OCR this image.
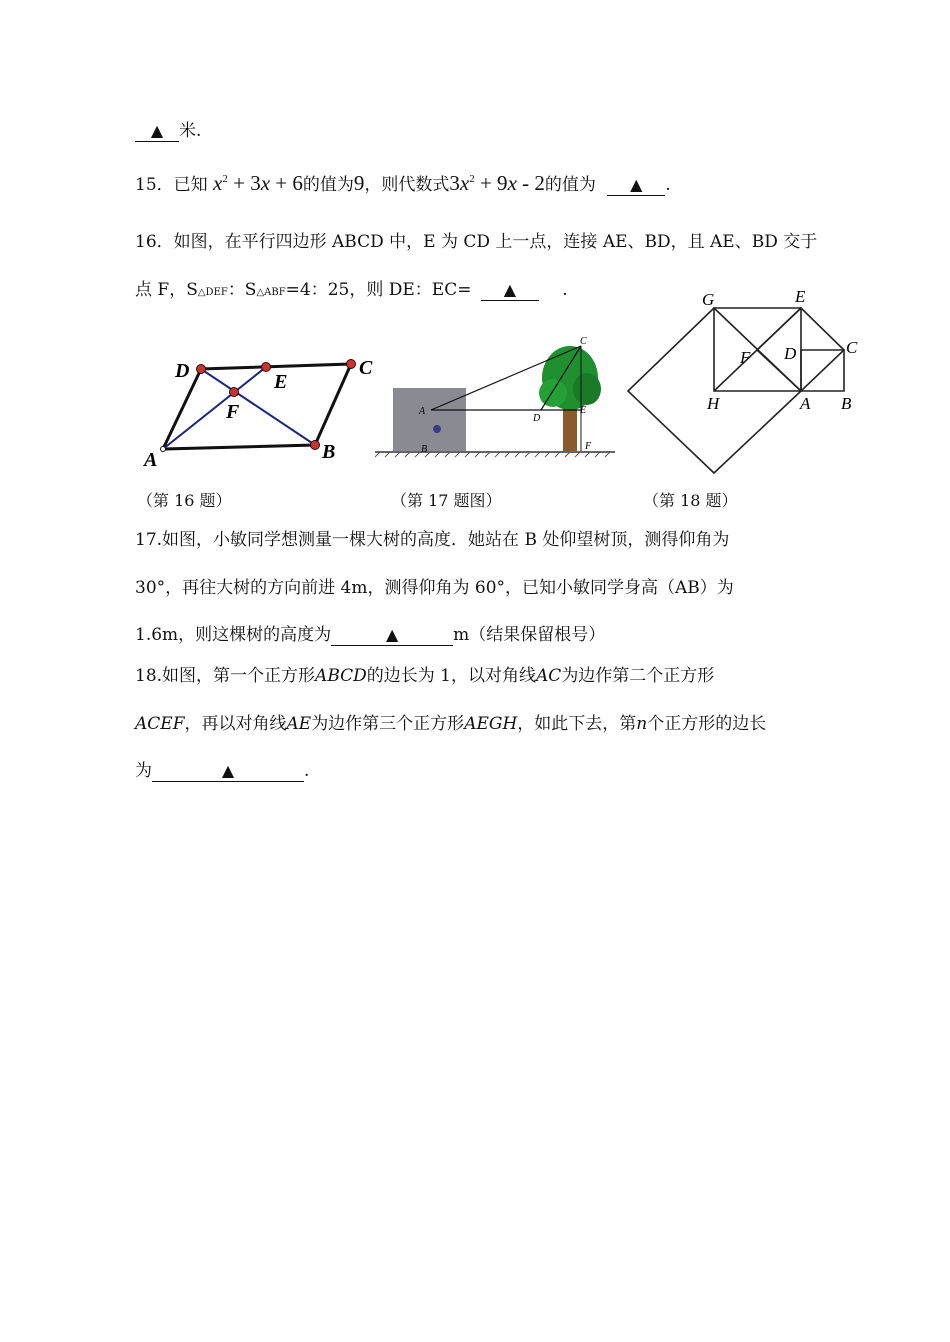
▲ 米.
15．已知 $x^2 + 3x + 6$的值为9，则代数式$3x^2 + 9x - 2$的值为 ▲ .
16．如图，在平行四边形 ABCD 中，E 为 CD 上一点，连接 AE、BD，且 AE、BD 交于
点 F，S△DEF：S△ABF=4：25，则 DE：EC= ▲	.
D	E
C
F
A	B
C
A
D
E
B	F
G	E
F D	C
H	A B
（第 16 题）	（第 17 题图）	（第 18 题）
17.如图，小敏同学想测量一棵大树的高度．她站在 B 处仰望树顶，测得仰角为
30°，再往大树的方向前进 4m，测得仰角为 60°，已知小敏同学身高（AB）为
1.6m，则这棵树的高度为	▲	m（结果保留根号）
18.如图，第一个正方形ABCD的边长为 1，以对角线AC为边作第二个正方形
ACEF，再以对角线AE为边作第三个正方形AEGH，如此下去，第n个正方形的边长
为	▲	.
